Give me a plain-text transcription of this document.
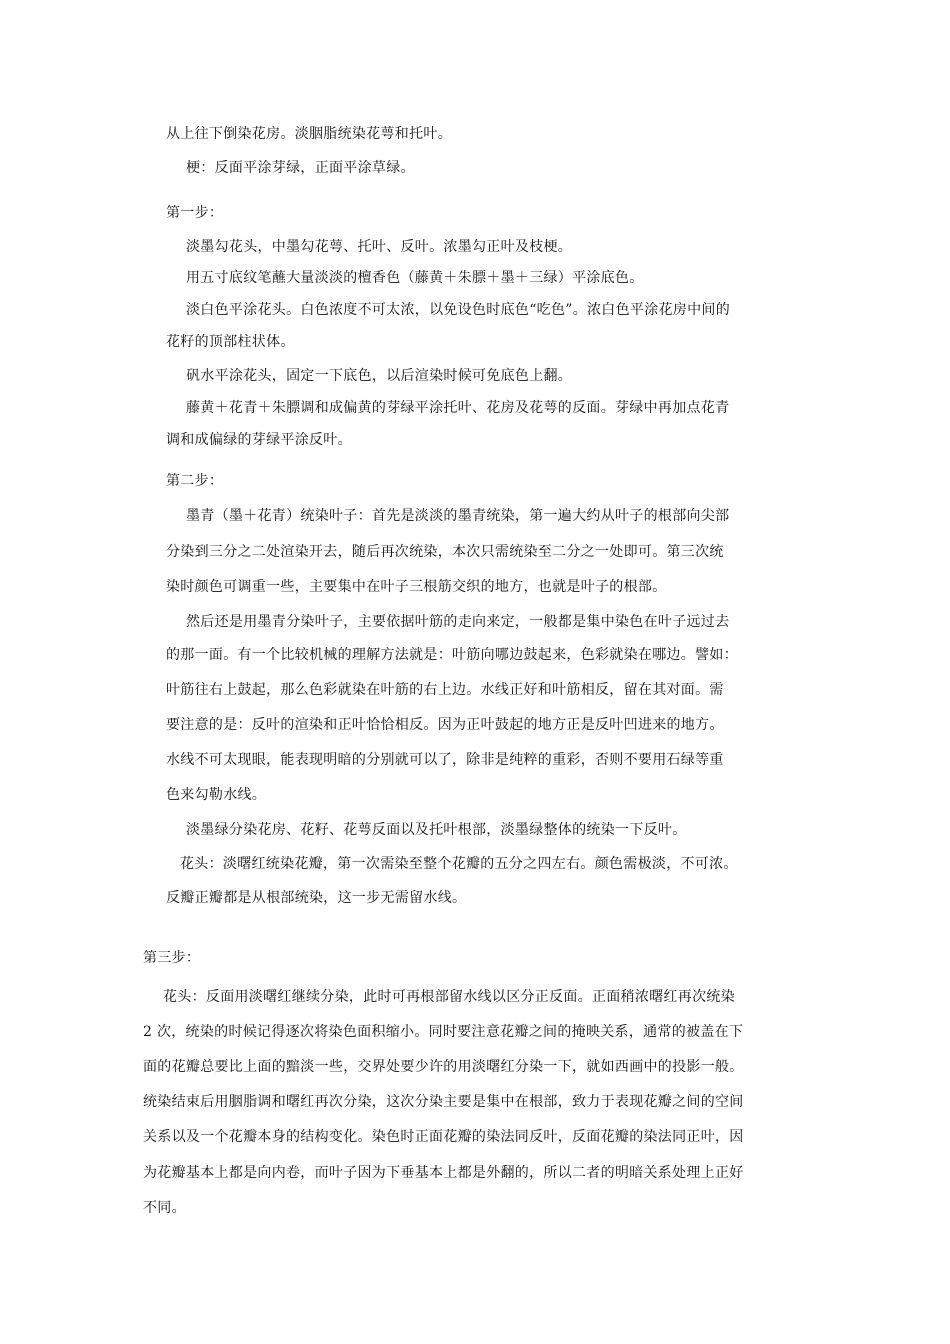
从上往下倒染花房。淡胭脂统染花萼和托叶。
梗：反面平涂芽绿，正面平涂草绿。
第一步：
淡墨勾花头，中墨勾花萼、托叶、反叶。浓墨勾正叶及枝梗。
用五寸底纹笔蘸大量淡淡的檀香色（藤黄＋朱膘＋墨＋三绿）平涂底色。
淡白色平涂花头。白色浓度不可太浓，以免设色时底色“吃色”。浓白色平涂花房中间的
花籽的顶部柱状体。
矾水平涂花头，固定一下底色，以后渲染时候可免底色上翻。
藤黄＋花青＋朱膘调和成偏黄的芽绿平涂托叶、花房及花萼的反面。芽绿中再加点花青
调和成偏绿的芽绿平涂反叶。
第二步：
墨青（墨＋花青）统染叶子：首先是淡淡的墨青统染，第一遍大约从叶子的根部向尖部
分染到三分之二处渲染开去，随后再次统染，本次只需统染至二分之一处即可。第三次统
染时颜色可调重一些，主要集中在叶子三根筋交织的地方，也就是叶子的根部。
然后还是用墨青分染叶子，主要依据叶筋的走向来定，一般都是集中染色在叶子远过去
的那一面。有一个比较机械的理解方法就是：叶筋向哪边鼓起来，色彩就染在哪边。譬如：
叶筋往右上鼓起，那么色彩就染在叶筋的右上边。水线正好和叶筋相反，留在其对面。需
要注意的是：反叶的渲染和正叶恰恰相反。因为正叶鼓起的地方正是反叶凹进来的地方。
水线不可太现眼，能表现明暗的分别就可以了，除非是纯粹的重彩，否则不要用石绿等重
色来勾勒水线。
淡墨绿分染花房、花籽、花萼反面以及托叶根部，淡墨绿整体的统染一下反叶。
花头：淡曙红统染花瓣，第一次需染至整个花瓣的五分之四左右。颜色需极淡，不可浓。
反瓣正瓣都是从根部统染，这一步无需留水线。
第三步：
花头：反面用淡曙红继续分染，此时可再根部留水线以区分正反面。正面稍浓曙红再次统染
2 次，统染的时候记得逐次将染色面积缩小。同时要注意花瓣之间的掩映关系，通常的被盖在下
面的花瓣总要比上面的黯淡一些，交界处要少许的用淡曙红分染一下，就如西画中的投影一般。
统染结束后用胭脂调和曙红再次分染，这次分染主要是集中在根部，致力于表现花瓣之间的空间
关系以及一个花瓣本身的结构变化。染色时正面花瓣的染法同反叶，反面花瓣的染法同正叶，因
为花瓣基本上都是向内卷，而叶子因为下垂基本上都是外翻的，所以二者的明暗关系处理上正好
不同。
